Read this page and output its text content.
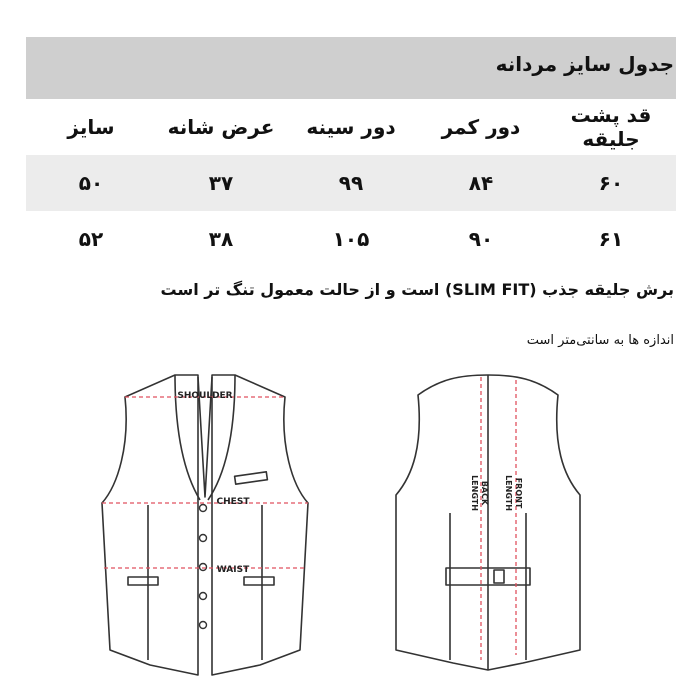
جدول سایز مردانه
قد پشت جلیقه	دور کمر	دور سینه	عرض شانه	سایز
۶۰	۸۴	۹۹	۳۷	۵۰
۶۱	۹۰	۱۰۵	۳۸	۵۲
برش جلیقه جذب (SLIM FIT) است و از حالت معمول تنگ تر است
اندازه ها به سانتی‌متر است
SHOULDER
CHEST
WAIST
BACK
LENGTH	FRONT
LENGTH
